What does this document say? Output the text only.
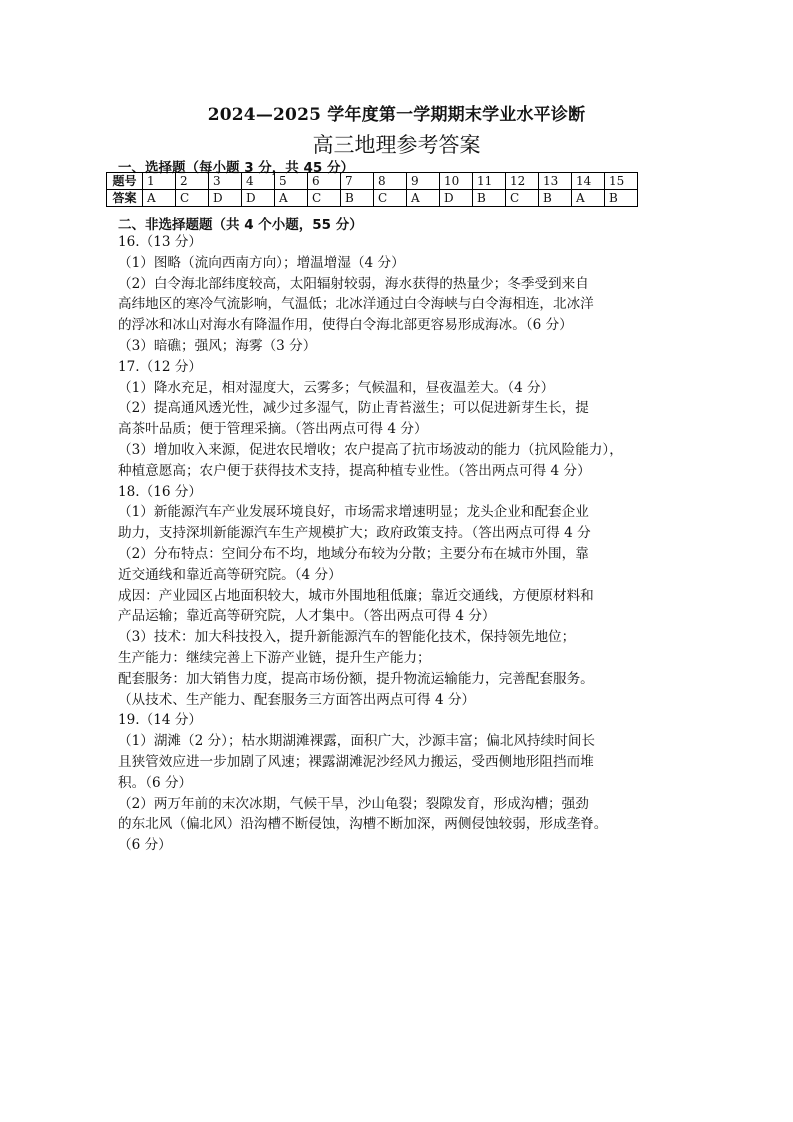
2024—2025 学年度第一学期期末学业水平诊断
高三地理参考答案
一、选择题（每小题 3 分，共 45 分）
题号	1	2	3	4	5	6	7	8	9	10	11	12	13	14	15
答案	A	C	D	D	A	C	B	C	A	D	B	C	B	A	B
二、非选择题题（共 4 个小题，55 分）

16.（13 分）

（1）图略（流向西南方向）；增温增湿（4 分）

（2）白令海北部纬度较高，太阳辐射较弱，海水获得的热量少；冬季受到来自

高纬地区的寒冷气流影响，气温低；北冰洋通过白令海峡与白令海相连，北冰洋

的浮冰和冰山对海水有降温作用，使得白令海北部更容易形成海冰。（6 分）

（3）暗礁；强风；海雾（3 分）

17.（12 分）

（1）降水充足，相对湿度大，云雾多；气候温和，昼夜温差大。（4 分）

（2）提高通风透光性，减少过多湿气，防止青苔滋生；可以促进新芽生长，提

高茶叶品质；便于管理采摘。（答出两点可得 4 分）

（3）增加收入来源，促进农民增收；农户提高了抗市场波动的能力（抗风险能力），

种植意愿高；农户便于获得技术支持，提高种植专业性。（答出两点可得 4 分）

18.（16 分）

（1）新能源汽车产业发展环境良好，市场需求增速明显；龙头企业和配套企业

助力，支持深圳新能源汽车生产规模扩大；政府政策支持。（答出两点可得 4 分

（2）分布特点：空间分布不均，地域分布较为分散；主要分布在城市外围，靠

近交通线和靠近高等研究院。（4 分）

成因：产业园区占地面积较大，城市外围地租低廉；靠近交通线，方便原材料和

产品运输；靠近高等研究院，人才集中。（答出两点可得 4 分）

（3）技术：加大科技投入，提升新能源汽车的智能化技术，保持领先地位；

生产能力：继续完善上下游产业链，提升生产能力；

配套服务：加大销售力度，提高市场份额，提升物流运输能力，完善配套服务。

（从技术、生产能力、配套服务三方面答出两点可得 4 分）

19.（14 分）

（1）湖滩（2 分）；枯水期湖滩裸露，面积广大，沙源丰富；偏北风持续时间长

且狭管效应进一步加剧了风速；裸露湖滩泥沙经风力搬运，受西侧地形阻挡而堆

积。（6 分）

（2）两万年前的末次冰期，气候干旱，沙山龟裂；裂隙发育，形成沟槽；强劲

的东北风（偏北风）沿沟槽不断侵蚀，沟槽不断加深，两侧侵蚀较弱，形成垄脊。

（6 分）
